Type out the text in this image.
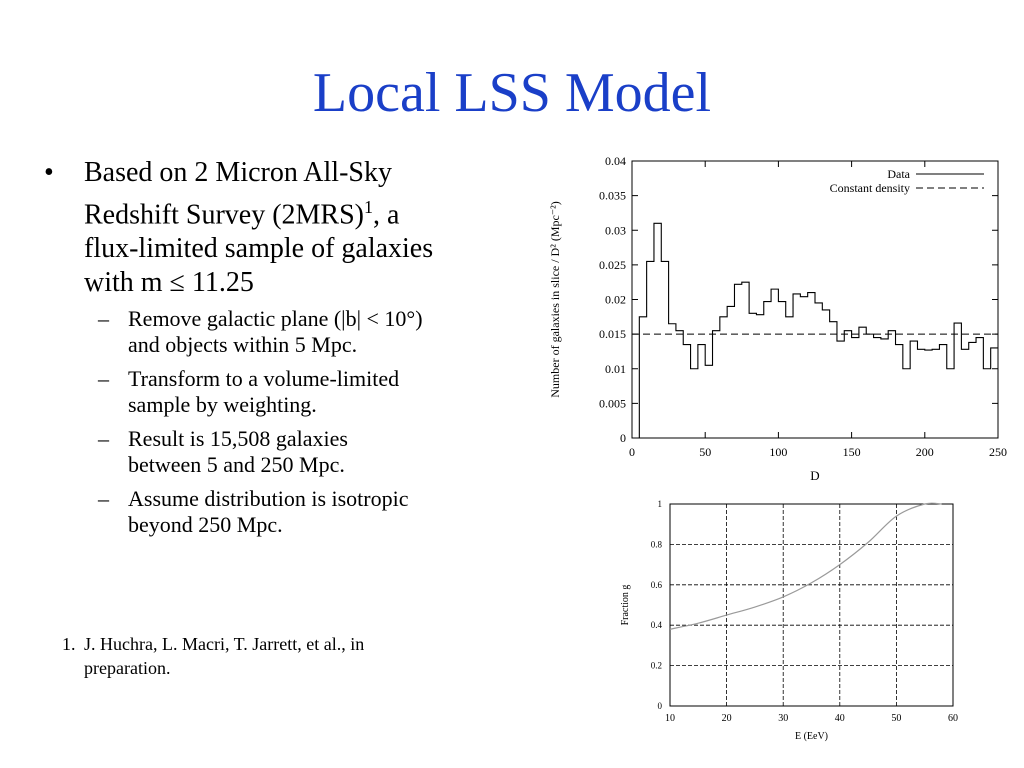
Local LSS Model
• Based on 2 Micron All-Sky
Redshift Survey $(2MRS)^1$, a
flux-limited sample of galaxies
with m ≤ 11.25
– Remove galactic plane (|b| < 10°)
and objects within 5 Mpc.
– Transform to a volume-limited
sample by weighting.
– Result is 15,508 galaxies
between 5 and 250 Mpc.
– Assume distribution is isotropic
beyond 250 Mpc.
1. J. Huchra, L. Macri, T. Jarrett, et al., in
preparation.
0
0.005
0.01
0.015
0.02
0.025
0.03
0.035
0.04
0	50	100	150	200	250
D
Number of galaxies in slice / D² (Mpc⁻²)
Data
Constant density
0
0.2
0.4
0.6
0.8
1
10	20	30	40	50	60
E (EeV)
Fraction g
